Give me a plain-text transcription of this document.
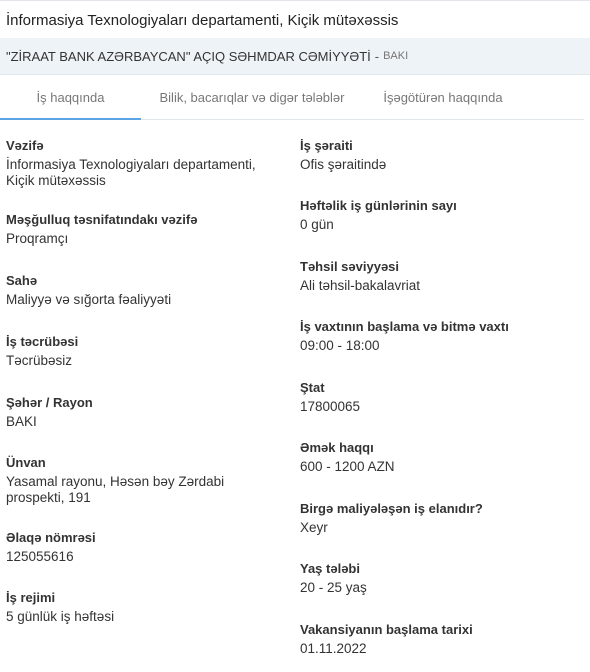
İnformasiya Texnologiyaları departamenti, Kiçik mütəxəssis
"ZİRAAT BANK AZƏRBAYCAN" AÇIQ SƏHMDAR CƏMİYYƏTİ - BAKI
İş haqqında	Bilik, bacarıqlar və digər tələblər	İşəgötürən haqqında
Vəzifə
İnformasiya Texnologiyaları departamenti, Kiçik mütəxəssis
Məşğulluq təsnifatındakı vəzifə
Proqramçı
Sahə
Maliyyə və sığorta fəaliyyəti
İş təcrübəsi
Təcrübəsiz
Şəhər / Rayon
BAKI
Ünvan
Yasamal rayonu, Həsən bəy Zərdabi prospekti, 191
Əlaqə nömrəsi
125055616
İş rejimi
5 günlük iş həftəsi
İş şəraiti
Ofis şəraitində
Həftəlik iş günlərinin sayı
0 gün
Təhsil səviyyəsi
Ali təhsil-bakalavriat
İş vaxtının başlama və bitmə vaxtı
09:00 - 18:00
Ştat
17800065
Əmək haqqı
600 - 1200 AZN
Birgə maliyələşən iş elanıdır?
Xeyr
Yaş tələbi
20 - 25 yaş
Vakansiyanın başlama tarixi
01.11.2022
